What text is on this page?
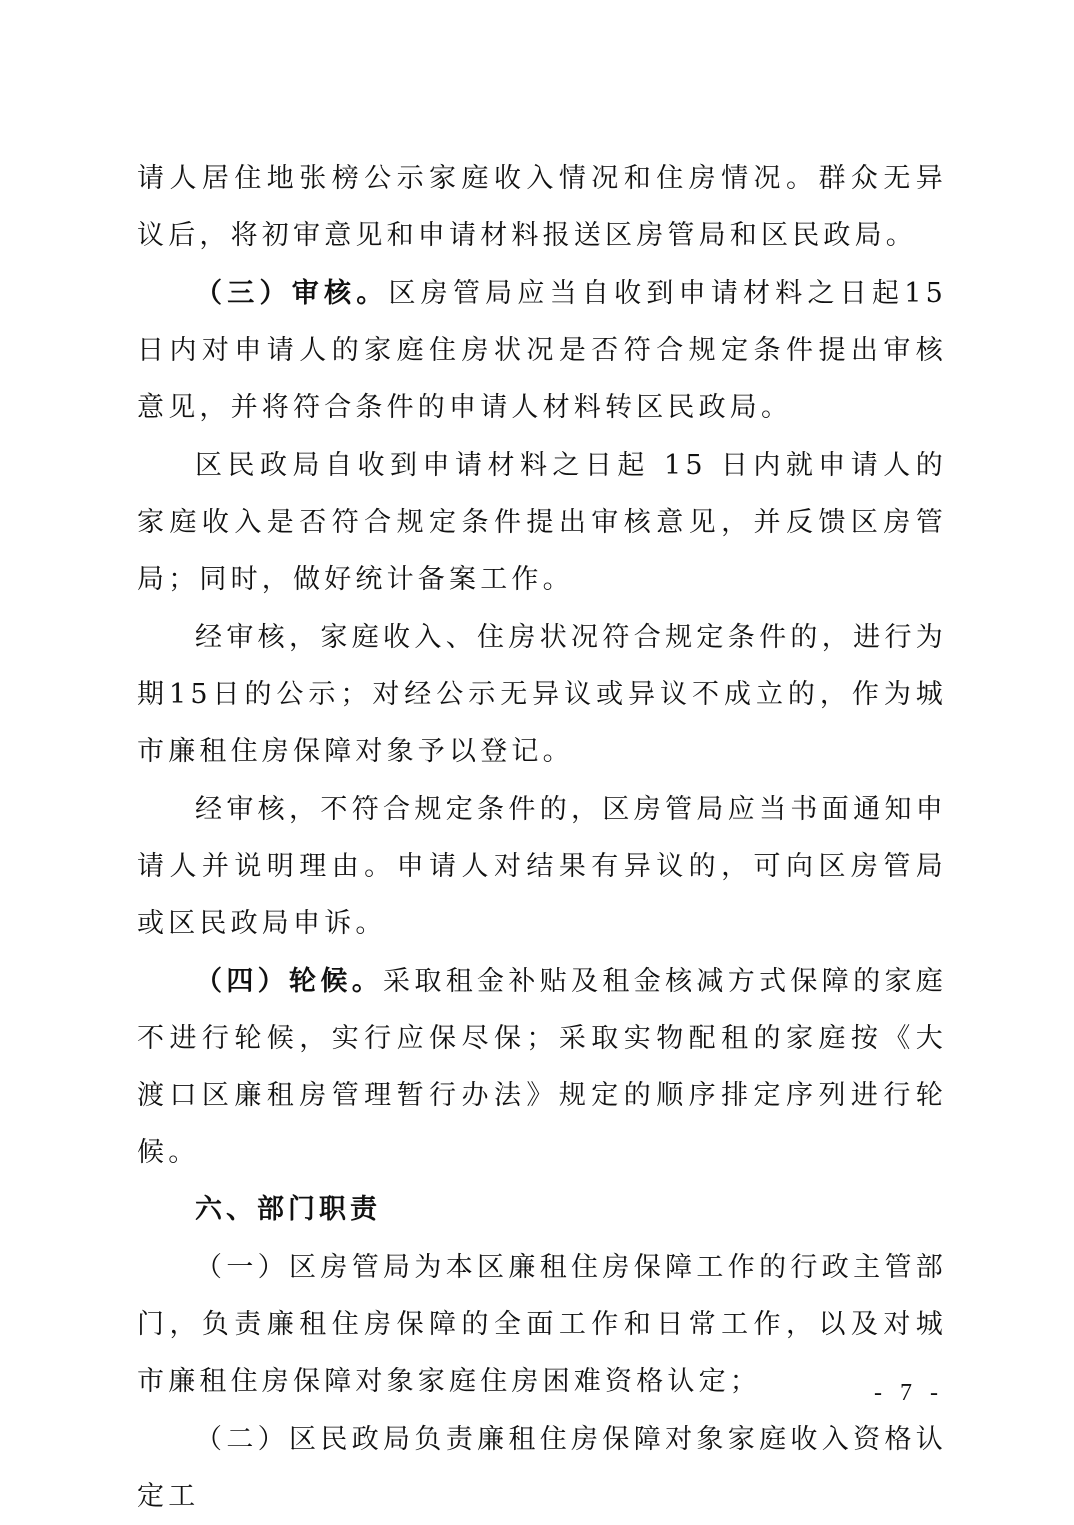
请人居住地张榜公示家庭收入情况和住房情况。群众无异议后，将初审意见和申请材料报送区房管局和区民政局。

（三）审核。区房管局应当自收到申请材料之日起15日内对申请人的家庭住房状况是否符合规定条件提出审核意见，并将符合条件的申请人材料转区民政局。

区民政局自收到申请材料之日起 15 日内就申请人的家庭收入是否符合规定条件提出审核意见，并反馈区房管局；同时，做好统计备案工作。

经审核，家庭收入、住房状况符合规定条件的，进行为期15日的公示；对经公示无异议或异议不成立的，作为城市廉租住房保障对象予以登记。

经审核，不符合规定条件的，区房管局应当书面通知申请人并说明理由。申请人对结果有异议的，可向区房管局或区民政局申诉。

（四）轮候。采取租金补贴及租金核减方式保障的家庭不进行轮候，实行应保尽保；采取实物配租的家庭按《大渡口区廉租房管理暂行办法》规定的顺序排定序列进行轮候。

六、部门职责

（一）区房管局为本区廉租住房保障工作的行政主管部门，负责廉租住房保障的全面工作和日常工作，以及对城市廉租住房保障对象家庭住房困难资格认定；

（二）区民政局负责廉租住房保障对象家庭收入资格认定工

- 7 -
